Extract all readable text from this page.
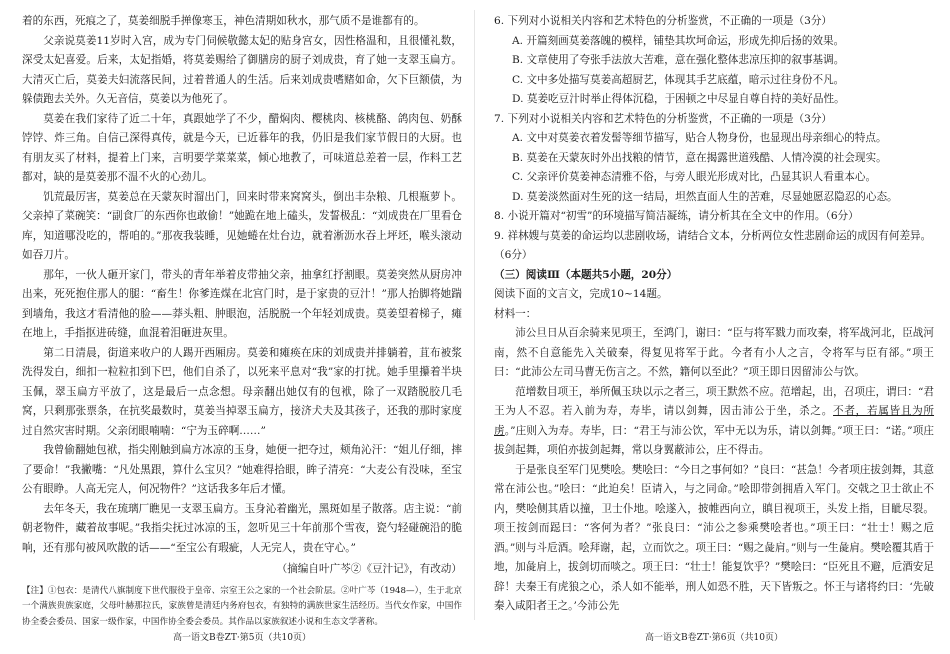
着的东西，死痕之了，莫姜细脱手掸像寒玉，神色清期如秋水，那气质不是谁都有的。

父亲说莫姜11岁时入宫，成为专门伺候敬懿太妃的贴身宫女，因性格温和，且很懂礼数，深受太妃喜爱。后来，太妃指婚，将莫姜赐给了御膳房的厨子刘成贵，育了她一支翠玉扁方。大清灭亡后，莫姜夫妇流落民间，过着普通人的生活。后来刘成贵嗜赌如命，欠下巨额债，为躲债跑去关外。久无音信，莫姜以为他死了。

莫姜在我们家待了近二十年，真跟她学了不少，醋焖肉、樱桃肉、核桃酪、鸽肉包、奶酥饽饽、炸三角。自信己深得真传，就是今天，已近暮年的我，仍旧是我们家节假日的大厨。也有朋友买了材料，提着上门来，言明要学菜菜菜，倾心地教了，可味道总差着一层，作料工艺都对，缺的是莫姜那不温不火的心劲儿。

饥荒最厉害，莫姜总在天蒙灰时溜出门，回来时带来窝窝头，倒出丰杂粮、几根瓶萝卜。父亲掉了菜碗笑：“副食厂的东西你也敢偷！”她跪在地上磕头，发誓极乱：“刘成贵在厂里看仓库，知道哪没吃的，帮咱的。”那夜我装睡，见她蜷在灶台边，就着淅沥水吞上坪坯，喉头滚动如吞刀片。

那年，一伙人砸开家门，带头的青年举着皮带抽父亲，抽拿红抒割眼。莫姜突然从厨房冲出来，死死抱住那人的腿：“畜生！你爹连煤在北宫门时，是于家贵的豆汁！”那人抬脚将她踹到墙角，我这才看清他的脸——莽头粗、肿眼泡，活脱脱一个年轻刘成贵。莫姜望着梯子，瘫在地上，手指抠进砖缝，血混着泪砸进灰里。

第二日清晨，街道来收户的人踢开西厢房。莫姜和瘫痪在床的刘成贵并排躺着，苴布被浆洗得发白，细扣一粒粒扣到下巴，他们自杀了，以死来平息对“我”家的打扰。她手里攥着半块玉佩，翠玉扁方平放了，这是最后一点念想。母亲翻出她仅有的包袱，除了一双踏脱胶几毛窝，只剩那张票条，在抗奖最数时，莫姜当掉翠玉扁方，接济犬夫及其孩子，还我的那时家度过自然灾害时期。父亲闭眼喃喃：“宁为玉碎啊……”

我曾偷翻她包袱，指尖刚触到扁方冰凉的玉身，她便一把夺过，颊角沁汗：“姐儿仔细，摔了要命！”我撇嘴：“凡处黑跟，算什么宝贝？”她难得拾眼，眸子清亮：“大麦公有没味，至宝公有眼睁。人高无完人，何况物件？”这话我多年后才懂。

去年冬天，我在琉璃厂瞧见一支翠玉扁方。玉身沁着幽光，黑斑如星子散落。店主说：“前朝老物件，藏着故事呢。”我指尖抚过冰凉的玉，忽听见三十年前那个雪夜，瓷勺轻碰碗沿的脆响，还有那句被风吹散的话——“至宝公有瑕疵，人无完人，贵在守心。”

（摘编自叶广芩②《豆汁记》，有改动）

【注】①包衣：是清代八旗制度下世代服役于皇帝、宗室王公之家的一个社会阶层。②叶广芩（1948—），生于北京一个满族贵族家庭，父母叶赫那拉氏，家族曾是清廷内务府包衣，有独特的满族世家生活经历。当代女作家，中国作协全委会委员、国家一级作家，中国作协全委会委员。其作品以家族叙述小说和生态文学著称。

6. 下列对小说相关内容和艺术特色的分析鉴赏，不正确的一项是（3分）

A. 开篇刻画莫姜落魄的模样，铺垫其坎坷命运，形成先抑后扬的效果。

B. 文章使用了夸张手法放大苦难，意在强化整体悲凉压抑的叙事基调。

C. 文中多处描写莫姜高超厨艺，体现其手艺底蕴，暗示过往身份不凡。

D. 莫姜吃豆汁时举止得体沉稳，于困顿之中尽显自尊自持的美好品性。

7. 下列对小说相关内容和艺术特色的分析鉴赏，不正确的一项是（3分）

A. 文中对莫姜衣着发髻等细节描写，贴合人物身份，也显现出母亲细心的特点。

B. 莫姜在天蒙灰时外出找粮的情节，意在揭露世道残酷、人情冷漠的社会现实。

C. 父亲评价莫姜神态清雅不俗，与旁人眼光形成对比，凸显其识人看重本心。

D. 莫姜淡然面对生死的这一结局，坦然直面人生的苦难，尽显她愿忍隐忍的心态。

8. 小说开篇对“初雪”的环境描写简洁凝练，请分析其在全文中的作用。（6分）

9. 祥林嫂与莫姜的命运均以悲剧收场，请结合文本，分析两位女性悲剧命运的成因有何差异。（6分）

（三）阅读Ⅲ（本题共5小题，20分）

阅读下面的文言文，完成10~14题。

材料一：

沛公旦日从百余骑来见项王，至鸿门，谢曰：“臣与将军戮力而攻秦，将军战河北，臣战河南，然不自意能先入关破秦，得复见将军于此。今者有小人之言，令将军与臣有郤。”项王曰：“此沛公左司马曹无伤言之。不然，籍何以至此？”项王即日因留沛公与饮。

范增数目项王，举所佩玉玦以示之者三，项王默然不应。范增起，出，召项庄，谓曰：“君王为人不忍。若入前为寿，寿毕，请以剑舞，因击沛公于坐，杀之。不者，若属皆且为所虏。”庄则入为寿。寿毕，曰：“君王与沛公饮，军中无以为乐，请以剑舞。”项王曰：“诺。”项庄拔剑起舞，项伯亦拔剑起舞，常以身翼蔽沛公，庄不得击。

于是张良至军门见樊哙。樊哙曰：“今日之事何如？”良曰：“甚急！今者项庄拔剑舞，其意常在沛公也。”哙曰：“此迫矣！臣请入，与之同命。”哙即带剑拥盾入军门。交戟之卫士欲止不内，樊哙侧其盾以撞，卫士仆地。哙遂入，披帷西向立，瞋目视项王，头发上指，目眦尽裂。项王按剑而跽曰：“客何为者？”张良曰：“沛公之参乘樊哙者也。”项王曰：“壮士！赐之卮酒。”则与斗卮酒。哙拜谢，起，立而饮之。项王曰：“赐之彘肩。”则与一生彘肩。樊哙覆其盾于地，加彘肩上，拔剑切而啖之。项王曰：“壮士！能复饮乎？”樊哙曰：“臣死且不避，卮酒安足辞！夫秦王有虎狼之心，杀人如不能举，刑人如恐不胜，天下皆叛之。怀王与诸将约曰：‘先破秦入咸阳者王之。’今沛公先

高一语文B卷ZT·第5页（共10页）	高一语文B卷ZT·第6页（共10页）
